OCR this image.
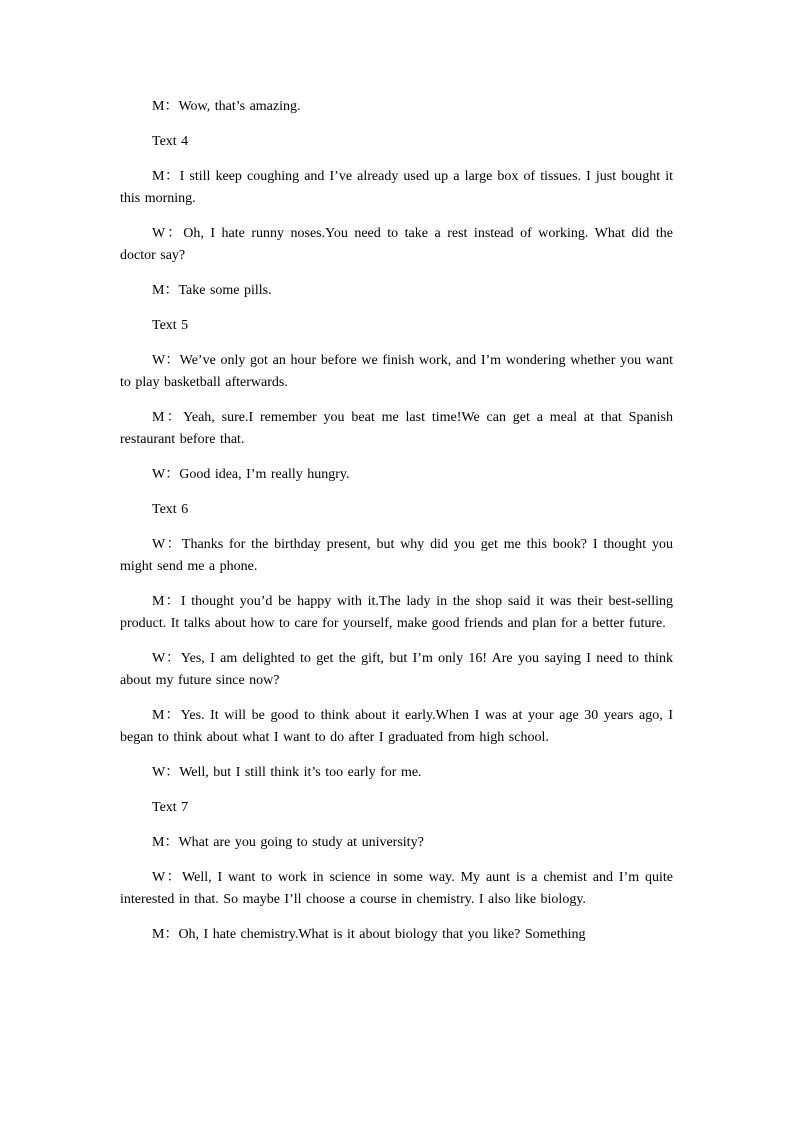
M：Wow, that’s amazing.

Text 4

M：I still keep coughing and I’ve already used up a large box of tissues. I just bought it this morning.

W：Oh, I hate runny noses.You need to take a rest instead of working. What did the doctor say?

M：Take some pills.

Text 5

W：We’ve only got an hour before we finish work, and I’m wondering whether you want to play basketball afterwards.

M：Yeah, sure.I remember you beat me last time!We can get a meal at that Spanish restaurant before that.

W：Good idea, I’m really hungry.

Text 6

W：Thanks for the birthday present, but why did you get me this book? I thought you might send me a phone.

M：I thought you’d be happy with it.The lady in the shop said it was their best-selling product. It talks about how to care for yourself, make good friends and plan for a better future.

W：Yes, I am delighted to get the gift, but I’m only 16! Are you saying I need to think about my future since now?

M：Yes. It will be good to think about it early.When I was at your age 30 years ago, I began to think about what I want to do after I graduated from high school.

W：Well, but I still think it’s too early for me.

Text 7

M：What are you going to study at university?

W：Well, I want to work in science in some way. My aunt is a chemist and I’m quite interested in that. So maybe I’ll choose a course in chemistry. I also like biology.

M：Oh, I hate chemistry.What is it about biology that you like? Something
